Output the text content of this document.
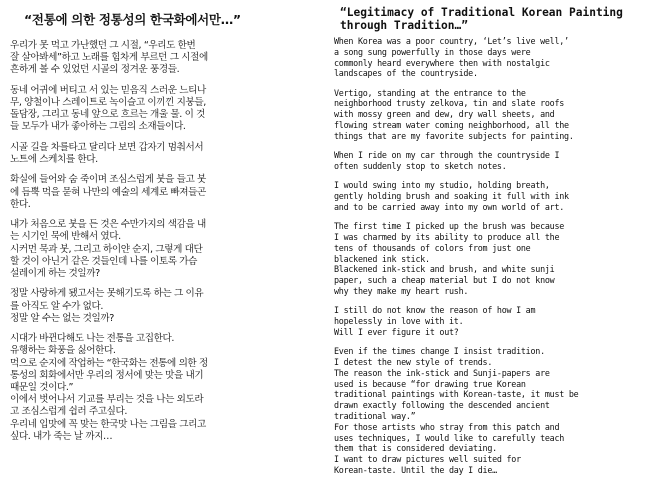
“전통에 의한 정통성의 한국화에서만…”

우리가 못 먹고 가난했던 그 시절, “우리도 한번
잘 살아봐세”하고 노래를 힘차게 부르던 그 시절에
흔하게 볼 수 있었던 시골의 정겨운 풍경들.

동네 어귀에 버티고 서 있는 믿음직 스러운 느티나
무, 양철이나 스레이트로 녹이슬고 이끼낀 지붕들,
돌담장, 그리고 동네 앞으로 흐르는 개울 물. 이 것
들 모두가 내가 좋아하는 그림의 소재들이다.

시골 길을 차를타고 달리다 보면 갑자기 멈춰서서
노트에 스케치를 한다.

화실에 들어와 숨 죽이며 조심스럽게 붓을 들고 붓
에 듬뿍 먹을 묻혀 나만의 예술의 세계로 빠져들곤
한다.

내가 처음으로 붓을 든 것은 수만가지의 색감을 내
는 시기인 묵에 반해서 였다.
시커먼 묵과 붓, 그리고 하이얀 순지, 그렇게 대단
할 것이 아닌거 같은 것들인데 나를 이토록 가슴
설레이게 하는 것일까?

정말 사랑하게 됐고서는 못해기도록 하는 그 이유
를 아직도 알 수가 없다.
정말 알 수는 없는 것일까?

시대가 바뀐다해도 나는 전통을 고집한다.
유행하는 화풍을 싫어한다.
먹으로 순지에 작업하는 “한국화는 전통에 의한 정
통성의 회화에서만 우리의 정서에 맞는 맛을 내기
때문일 것이다.”
이에서 벗어나서 기교를 부리는 것을 나는 외도라
고 조심스럽게 쉽러 주고싶다.
우리네 입맛에 꼭 맞는 한국맛 나는 그림을 그리고
싶다. 내가 죽는 날 까지…

“Legitimacy of Traditional Korean Painting through Tradition…”

When Korea was a poor country, ‘Let’s live well,’
a song sung powerfully in those days were
commonly heard everywhere then with nostalgic
landscapes of the countryside.

Vertigo, standing at the entrance to the
neighborhood trusty zelkova, tin and slate roofs
with mossy green and dew, dry wall sheets, and
flowing stream water coming neighborhood, all the
things that are my favorite subjects for painting.

When I ride on my car through the countryside I
often suddenly stop to sketch notes.

I would swing into my studio, holding breath,
gently holding brush and soaking it full with ink
and to be carried away into my own world of art.

The first time I picked up the brush was because
I was charmed by its ability to produce all the
tens of thousands of colors from just one
blackened ink stick.
Blackened ink-stick and brush, and white sunji
paper, such a cheap material but I do not know
why they make my heart rush.

I still do not know the reason of how I am
hopelessly in love with it.
Will I ever figure it out?

Even if the times change I insist tradition.
I detest the new style of trends.
The reason the ink-stick and Sunji-papers are
used is because “for drawing true Korean
traditional paintings with Korean-taste, it must be
drawn exactly following the descended ancient
traditional way.”
For those artists who stray from this patch and
uses techniques, I would like to carefully teach
them that is considered deviating.
I want to draw pictures well suited for
Korean-taste. Until the day I die…
